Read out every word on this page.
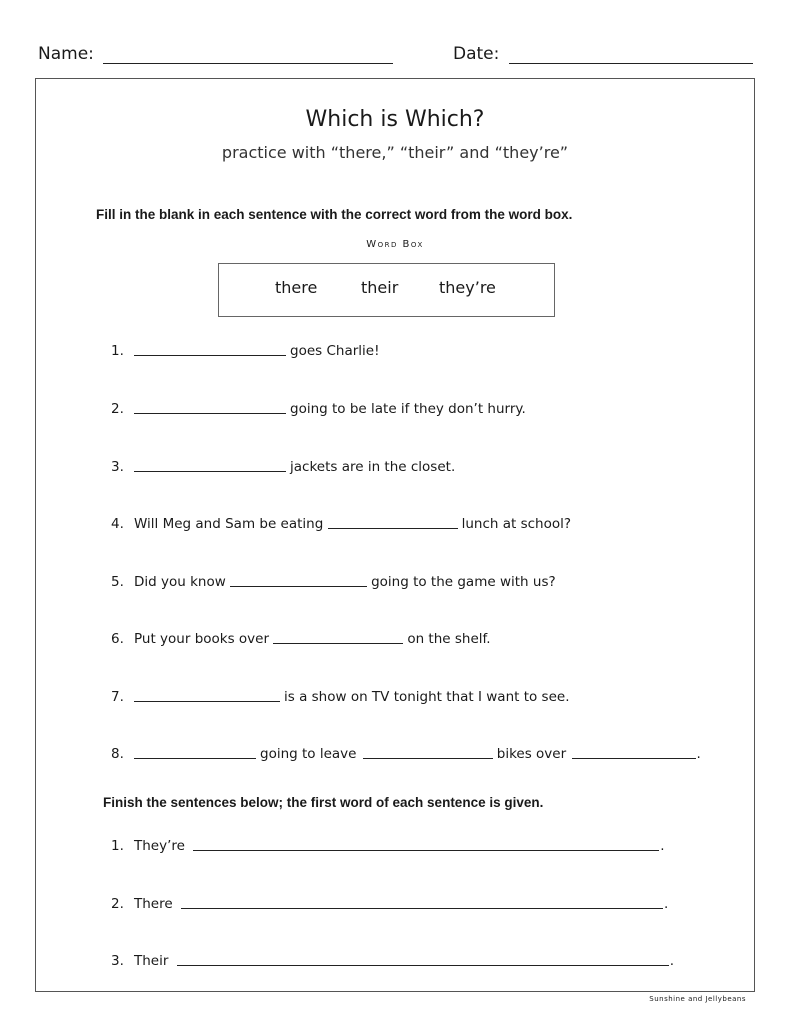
Name:	Date:
Which is Which?
practice with “there,” “their” and “they’re”
Fill in the blank in each sentence with the correct word from the word box.
Word Box
there	their	they’re
1.	goes Charlie!
2.	going to be late if they don’t hurry.
3.	jackets are in the closet.
4. Will Meg and Sam be eating	lunch at school?
5. Did you know	going to the game with us?
6. Put your books over	on the shelf.
7.	is a show on TV tonight that I want to see.
8.	going to leave	bikes over	.
Finish the sentences below; the first word of each sentence is given.
1. They’re	.
2. There	.
3. Their	.
Sunshine and Jellybeans
